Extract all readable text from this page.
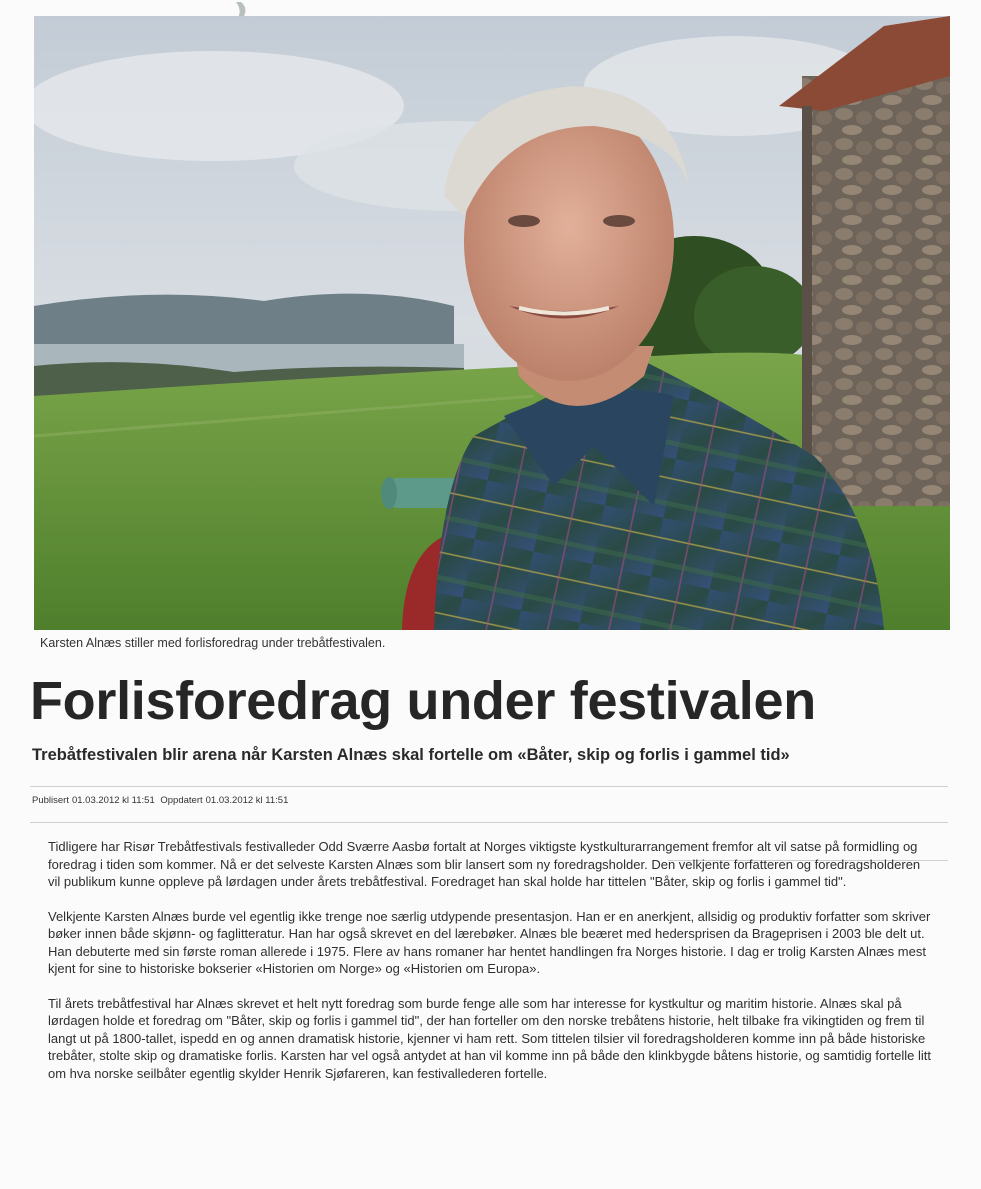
Karsten Alnæs stiller med forlisforedrag under trebåtfestivalen.
Forlisforedrag under festivalen
Trebåtfestivalen blir arena når Karsten Alnæs skal fortelle om «Båter, skip og forlis i gammel tid»
Publisert 01.03.2012 kl 11:51 Oppdatert 01.03.2012 kl 11:51

Tidligere har Risør Trebåtfestivals festivalleder Odd Sværre Aasbø fortalt at Norges viktigste kystkulturarrangement fremfor alt vil satse på formidling og foredrag i tiden som kommer. Nå er det selveste Karsten Alnæs som blir lansert som ny foredragsholder. Den velkjente forfatteren og foredragsholderen vil publikum kunne oppleve på lørdagen under årets trebåtfestival. Foredraget han skal holde har tittelen "Båter, skip og forlis i gammel tid".

Velkjente Karsten Alnæs burde vel egentlig ikke trenge noe særlig utdypende presentasjon. Han er en anerkjent, allsidig og produktiv forfatter som skriver bøker innen både skjønn- og faglitteratur. Han har også skrevet en del lærebøker. Alnæs ble beæret med hedersprisen da Brageprisen i 2003 ble delt ut. Han debuterte med sin første roman allerede i 1975. Flere av hans romaner har hentet handlingen fra Norges historie. I dag er trolig Karsten Alnæs mest kjent for sine to historiske bokserier «Historien om Norge» og «Historien om Europa».

Til årets trebåtfestival har Alnæs skrevet et helt nytt foredrag som burde fenge alle som har interesse for kystkultur og maritim historie. Alnæs skal på lørdagen holde et foredrag om "Båter, skip og forlis i gammel tid", der han forteller om den norske trebåtens historie, helt tilbake fra vikingtiden og frem til langt ut på 1800-tallet, ispedd en og annen dramatisk historie, kjenner vi ham rett. Som tittelen tilsier vil foredragsholderen komme inn på både historiske trebåter, stolte skip og dramatiske forlis. Karsten har vel også antydet at han vil komme inn på både den klinkbygde båtens historie, og samtidig fortelle litt om hva norske seilbåter egentlig skylder Henrik Sjøfareren, kan festivallederen fortelle.
